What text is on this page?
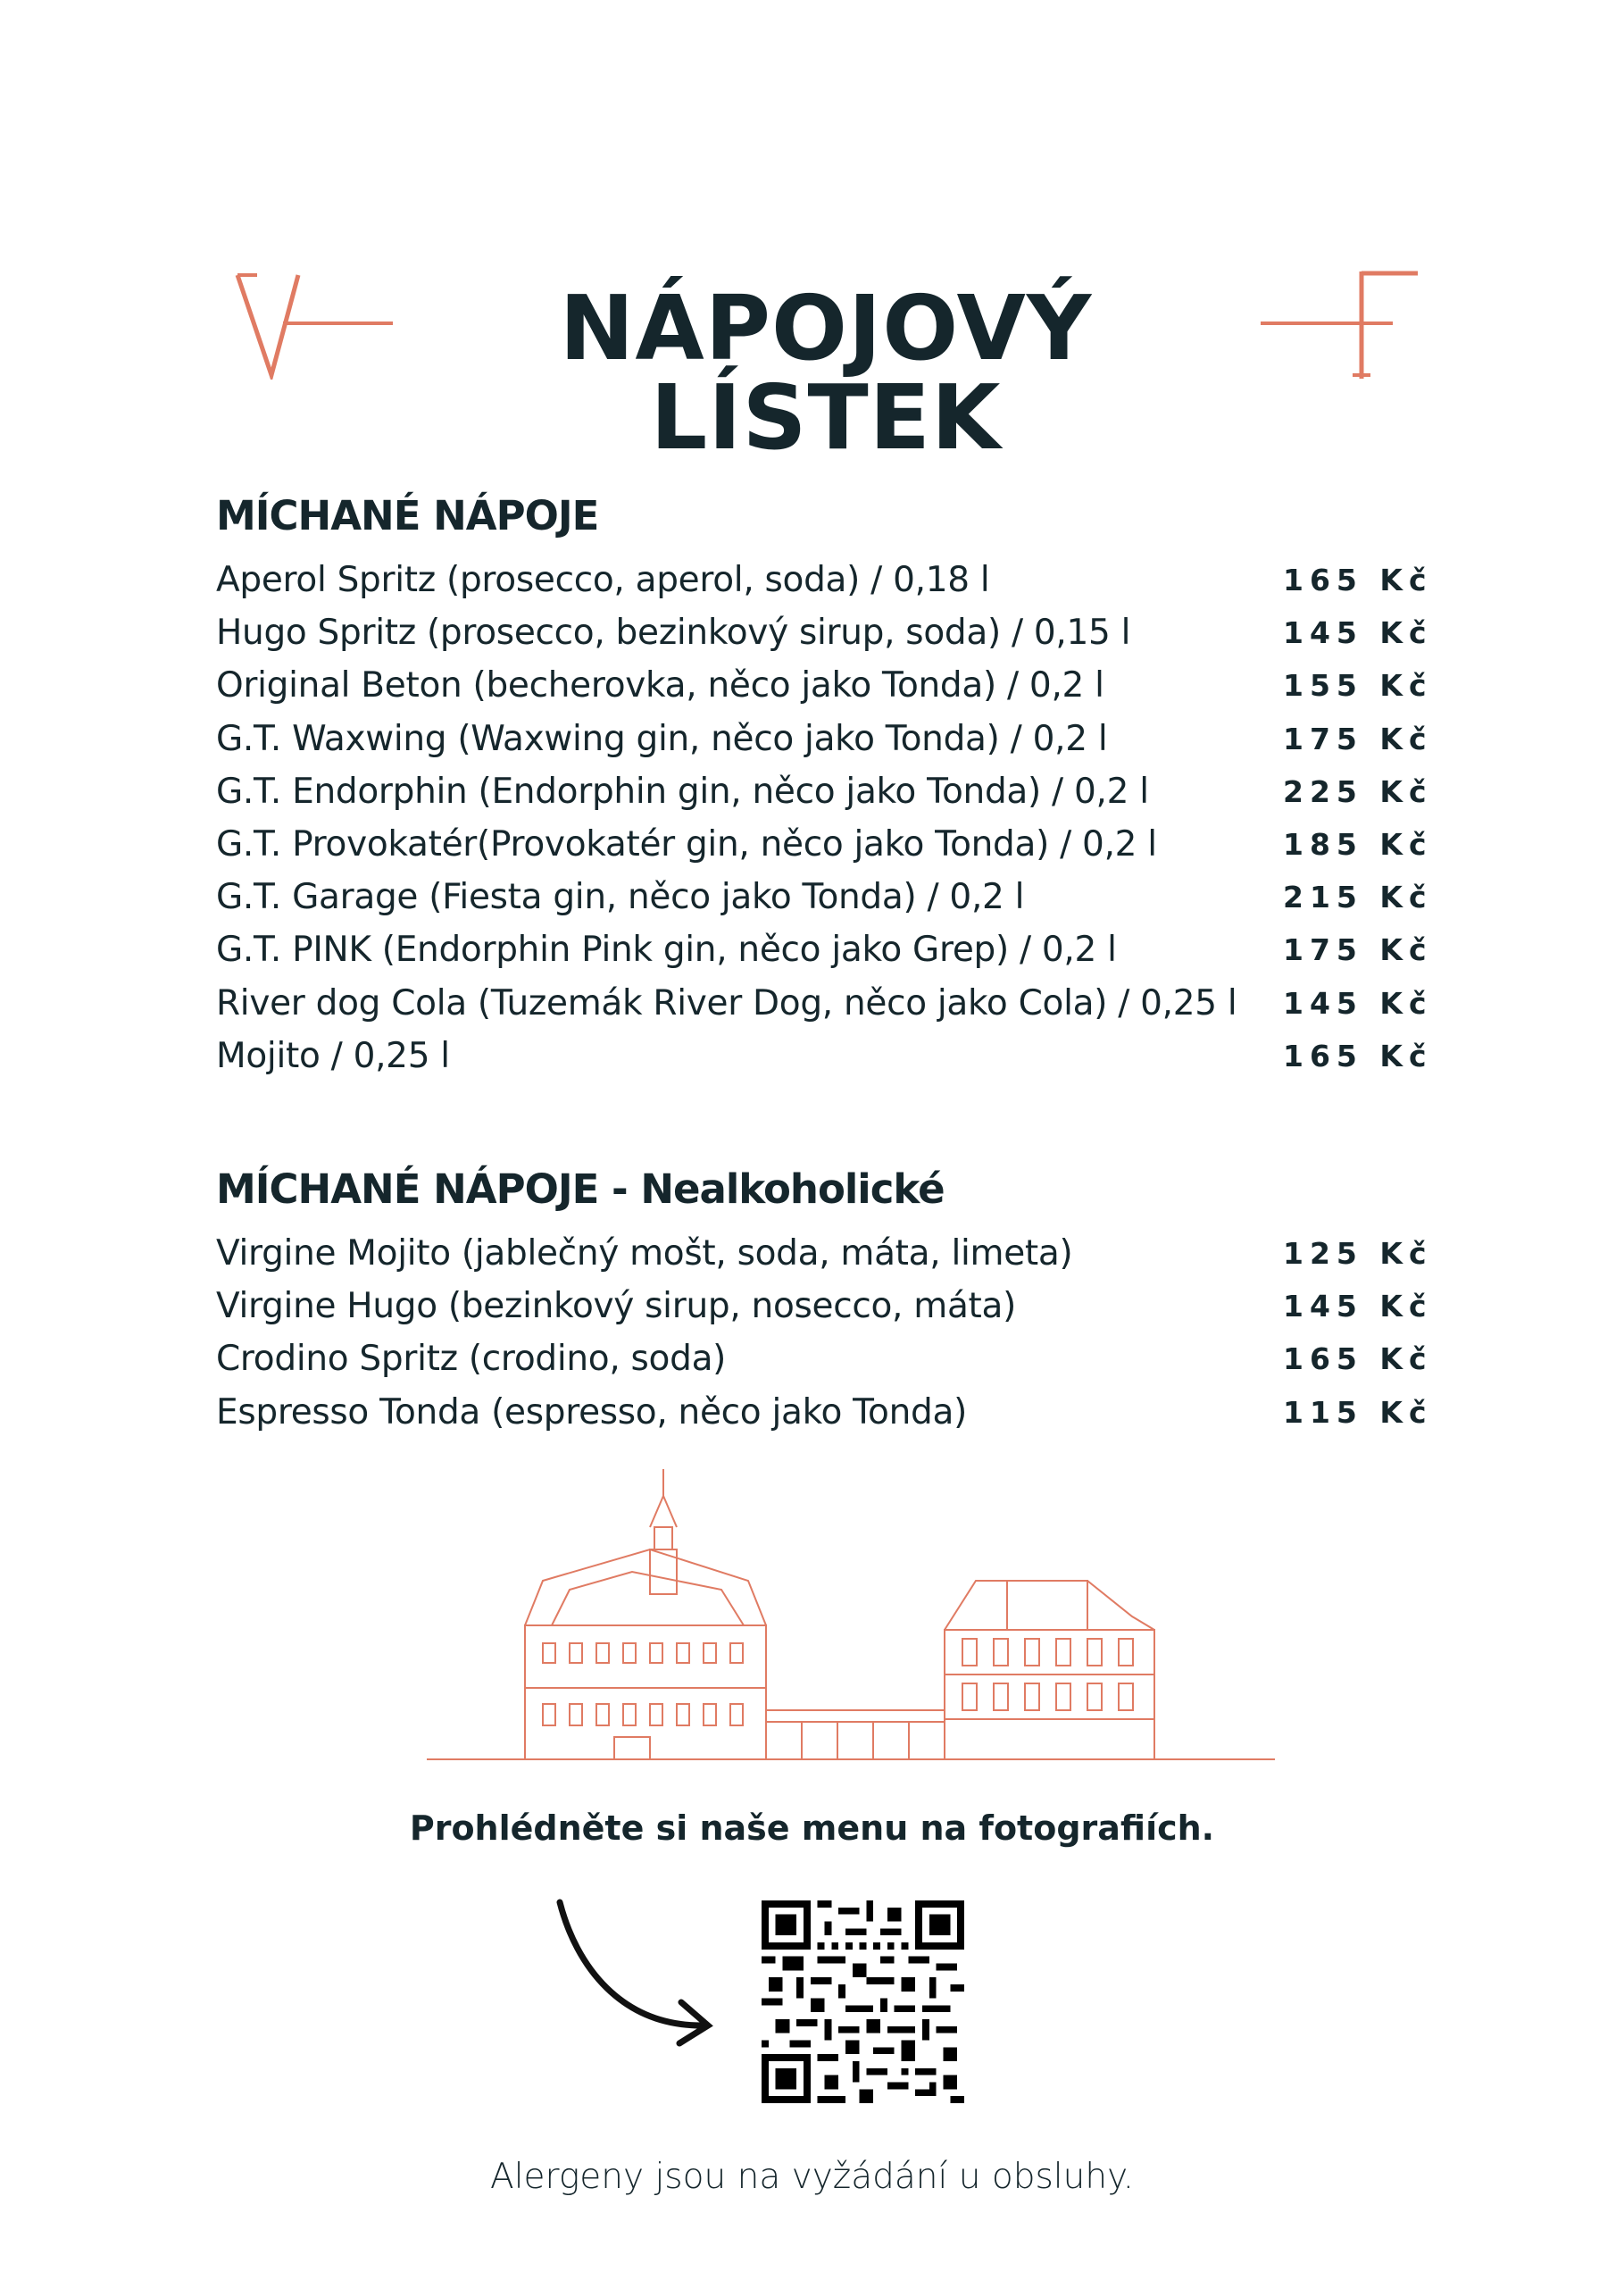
NÁPOJOVÝ LÍSTEK
MÍCHANÉ NÁPOJE
Aperol Spritz (prosecco, aperol, soda) / 0,18 l	165 Kč
Hugo Spritz (prosecco, bezinkový sirup, soda) / 0,15 l	145 Kč
Original Beton (becherovka, něco jako Tonda) / 0,2 l	155 Kč
G.T. Waxwing (Waxwing gin, něco jako Tonda) / 0,2 l	175 Kč
G.T. Endorphin (Endorphin gin, něco jako Tonda) / 0,2 l	225 Kč
G.T. Provokatér(Provokatér gin, něco jako Tonda) / 0,2 l	185 Kč
G.T. Garage (Fiesta gin, něco jako Tonda) / 0,2 l	215 Kč
G.T. PINK (Endorphin Pink gin, něco jako Grep) / 0,2 l	175 Kč
River dog Cola (Tuzemák River Dog, něco jako Cola) / 0,25 l 145 Kč
Mojito / 0,25 l	165 Kč
MÍCHANÉ NÁPOJE - Nealkoholické
Virgine Mojito (jablečný mošt, soda, máta, limeta)	125 Kč
Virgine Hugo (bezinkový sirup, nosecco, máta)	145 Kč
Crodino Spritz (crodino, soda)	165 Kč
Espresso Tonda (espresso, něco jako Tonda)	115 Kč
Prohlédněte si naše menu na fotografiích.
Alergeny jsou na vyžádání u obsluhy.
